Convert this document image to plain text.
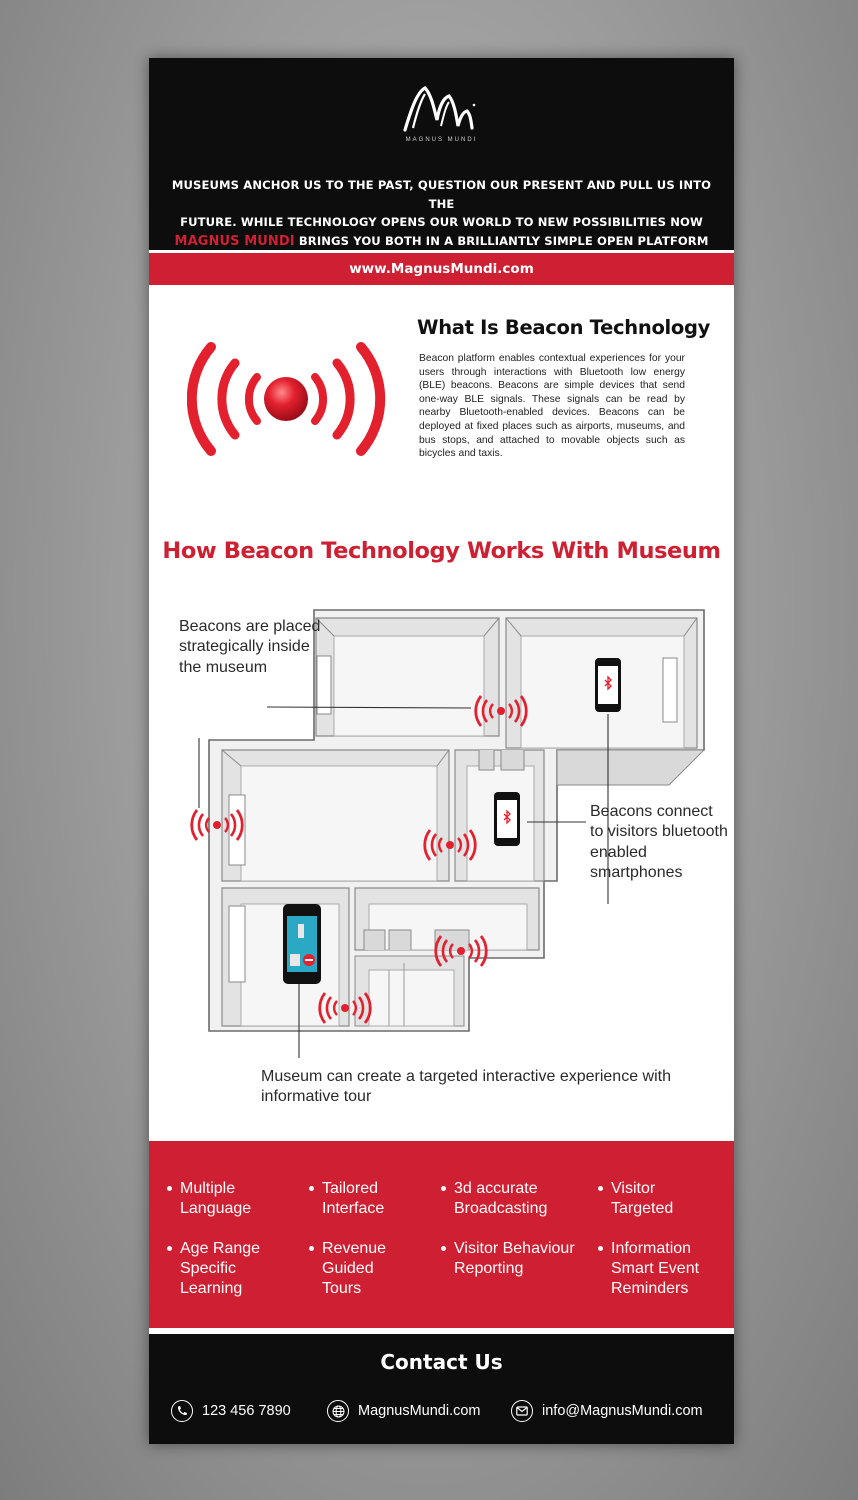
MAGNUS MUNDI
MUSEUMS ANCHOR US TO THE PAST, QUESTION OUR PRESENT AND PULL US INTO THE
FUTURE. WHILE TECHNOLOGY OPENS OUR WORLD TO NEW POSSIBILITIES NOW
MAGNUS MUNDI BRINGS YOU BOTH IN A BRILLIANTLY SIMPLE OPEN PLATFORM
www.MagnusMundi.com
What Is Beacon Technology
Beacon platform enables contextual experiences for your users through interactions with Bluetooth low energy (BLE) beacons. Beacons are simple devices that send one-way BLE signals. These signals can be read by nearby Bluetooth-enabled devices. Beacons can be deployed at fixed places such as airports, museums, and bus stops, and attached to movable objects such as bicycles and taxis.
How Beacon Technology Works With Museum
Beacons are placed strategically inside the museum
Beacons connect to visitors bluetooth enabled smartphones
Museum can create a targeted interactive experience with informative tour
Multiple Language
Tailored Interface
3d accurate Broadcasting
Visitor Targeted
Age Range Specific Learning
Revenue Guided Tours
Visitor Behaviour Reporting
Information Smart Event Reminders
Contact Us
123 456 7890	MagnusMundi.com	info@MagnusMundi.com
